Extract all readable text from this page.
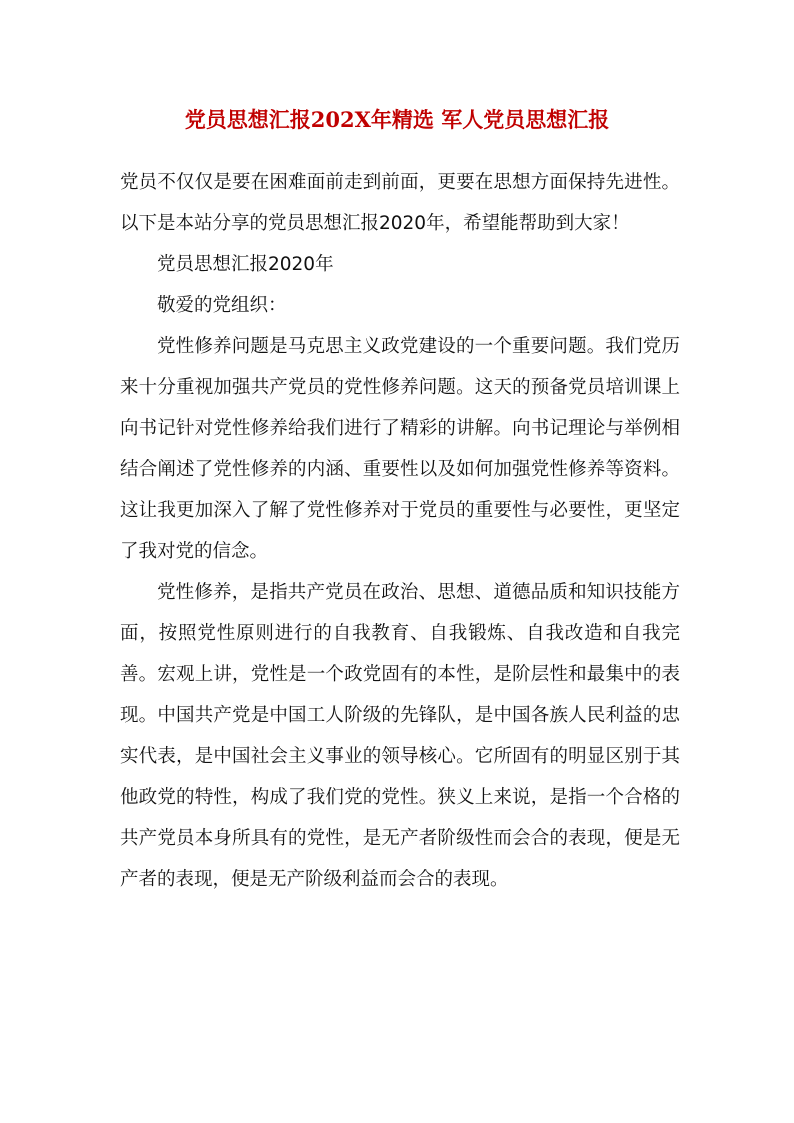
党员思想汇报202X年精选 军人党员思想汇报

党员不仅仅是要在困难面前走到前面，更要在思想方面保持先进性。以下是本站分享的党员思想汇报2020年，希望能帮助到大家！

党员思想汇报2020年

敬爱的党组织：

党性修养问题是马克思主义政党建设的一个重要问题。我们党历来十分重视加强共产党员的党性修养问题。这天的预备党员培训课上向书记针对党性修养给我们进行了精彩的讲解。向书记理论与举例相结合阐述了党性修养的内涵、重要性以及如何加强党性修养等资料。这让我更加深入了解了党性修养对于党员的重要性与必要性，更坚定了我对党的信念。

党性修养，是指共产党员在政治、思想、道德品质和知识技能方面，按照党性原则进行的自我教育、自我锻炼、自我改造和自我完善。宏观上讲，党性是一个政党固有的本性，是阶层性和最集中的表现。中国共产党是中国工人阶级的先锋队，是中国各族人民利益的忠实代表，是中国社会主义事业的领导核心。它所固有的明显区别于其他政党的特性，构成了我们党的党性。狭义上来说，是指一个合格的共产党员本身所具有的党性，是无产者阶级性而会合的表现，便是无产者的表现，便是无产阶级利益而会合的表现。
